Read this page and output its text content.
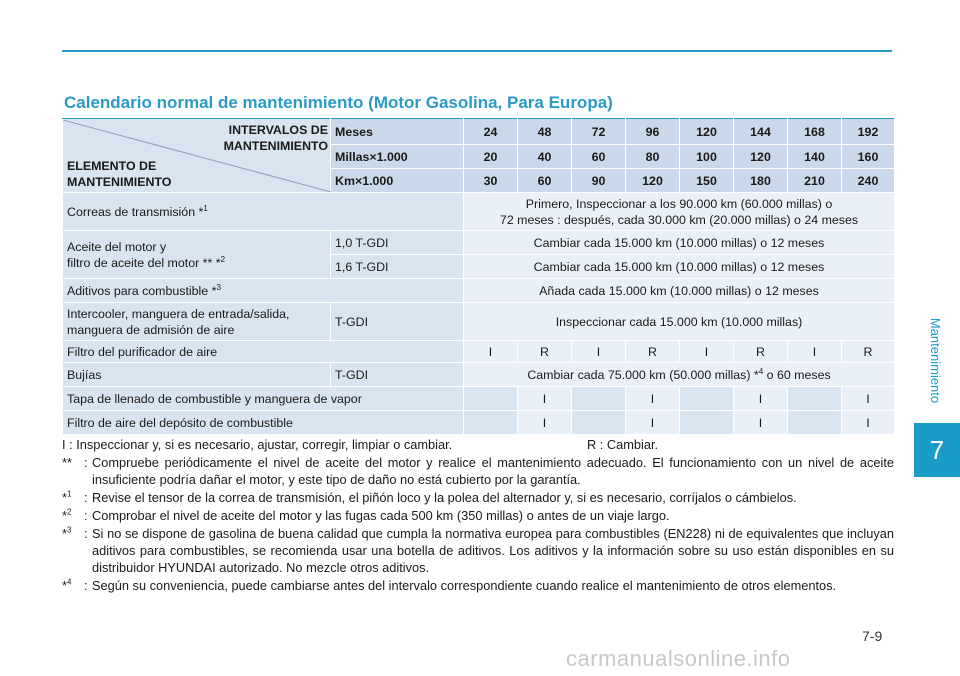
Mantenimiento
7
Calendario normal de mantenimiento (Motor Gasolina, Para Europa)
INTERVALOS DE
MANTENIMIENTO
ELEMENTO DE
MANTENIMIENTO	Meses	24	48	72	96	120	144	168	192
	Millas×1.000	20	40	60	80	100	120	140	160
	Km×1.000	30	60	90	120	150	180	210	240
Correas de transmisión *$^1$		Primero, Inspeccionar a los 90.000 km (60.000 millas) o
72 meses : después, cada 30.000 km (20.000 millas) o 24 meses							

Aceite del motor y
filtro de aceite del motor ** *$^2$	1,0 T-GDI	Cambiar cada 15.000 km (10.000 millas) o 12 meses							
	1,6 T-GDI	Cambiar cada 15.000 km (10.000 millas) o 12 meses							
Aditivos para combustible *$^3$		Añada cada 15.000 km (10.000 millas) o 12 meses							

Intercooler, manguera de entrada/salida,
manguera de admisión de aire	T-GDI	Inspeccionar cada 15.000 km (10.000 millas)							
Filtro del purificador de aire		I	R	I	R	I	R	I	R
Bujías	T-GDI	Cambiar cada 75.000 km (50.000 millas) *$^4$ o 60 meses							
Tapa de llenado de combustible y manguera de vapor			I		I		I		I
Filtro de aire del depósito de combustible			I		I		I		I
I : Inspeccionar y, si es necesario, ajustar, corregir, limpiar o cambiar.	R : Cambiar.
** : Compruebe periódicamente el nivel de aceite del motor y realice el mantenimiento adecuado. El funcionamiento con un nivel de aceite insuficiente podría dañar el motor, y este tipo de daño no está cubierto por la garantía.
*$^1$ : Revise el tensor de la correa de transmisión, el piñón loco y la polea del alternador y, si es necesario, corríjalos o cámbielos.
*$^2$ : Comprobar el nivel de aceite del motor y las fugas cada 500 km (350 millas) o antes de un viaje largo.
*$^3$ : Si no se dispone de gasolina de buena calidad que cumpla la normativa europea para combustibles (EN228) ni de equivalentes que incluyan aditivos para combustibles, se recomienda usar una botella de aditivos. Los aditivos y la información sobre su uso están disponibles en su distribuidor HYUNDAI autorizado. No mezcle otros aditivos.
*$^4$ : Según su conveniencia, puede cambiarse antes del intervalo correspondiente cuando realice el mantenimiento de otros elementos.
7-9
carmanualsonline.info
